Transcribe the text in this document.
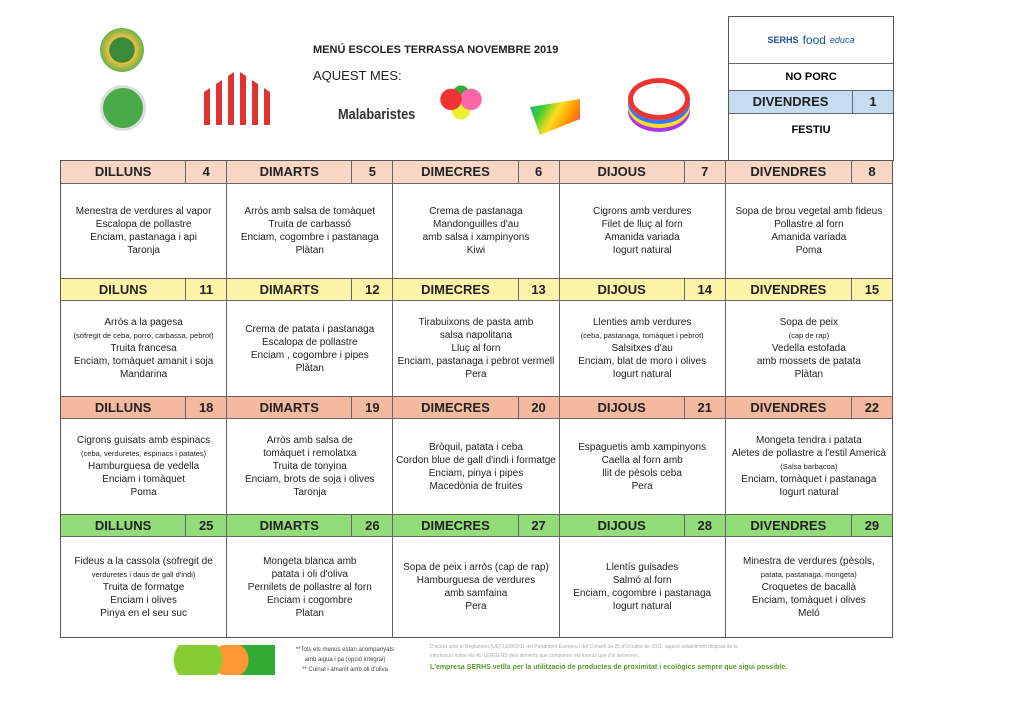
MENÚ ESCOLES TERRASSA NOVEMBRE 2019
AQUEST MES:
Malabaristes
SERHS food educa
NO PORC
DIVENDRES	1
FESTIU
DILLUNS	4
Menestra de verdures al vapor
Escalopa de pollastre
Enciam, pastanaga i api
Taronja
DIMARTS	5
Arròs amb salsa de tomàquet
Truita de carbassó
Enciam, cogombre i pastanaga
Plàtan
DIMECRES	6
Crema de pastanaga
Mandonguilles d'au
amb salsa i xampinyons
Kiwi
DIJOUS	7
Cigrons amb verdures
Filet de lluç al forn
Amanida variada
Iogurt natural
DIVENDRES	8
Sopa de brou vegetal amb fideus
Pollastre al forn
Amanida variada
Poma
DILUNS	11
Arròs a la pagesa
(sofregit de ceba, porro, carbassa, pebrot)
Truita francesa
Enciam, tomàquet amanit i soja
Mandarina
DIMARTS	12
Crema de patata i pastanaga
Escalopa de pollastre
Enciam , cogombre i pipes
Plàtan
DIMECRES	13
Tirabuixons de pasta amb
salsa napolitana
Lluç al forn
Enciam, pastanaga i pebrot vermell
Pera
DIJOUS	14
Llenties amb verdures
(ceba, pastanaga, tomàquet i pebrot)
Salsitxes d'au
Enciam, blat de moro i olives
Iogurt natural
DIVENDRES	15
Sopa de peix
(cap de rap)
Vedella estofada
amb mossets de patata
Plàtan
DILLUNS	18
Cigrons guisats amb espinacs
(ceba, verduretes, espinacs i patates)
Hamburguesa de vedella
Enciam i tomàquet
Poma
DIMARTS	19
Arròs amb salsa de
tomàquet i remolatxa
Truita de tonyina
Enciam, brots de soja i olives
Taronja
DIMECRES	20
Bròquil, patata i ceba
Cordon blue de gall d'indi i formatge
Enciam, pinya i pipes
Macedònia de fruites
DIJOUS	21
Espaguetis amb xampinyons
Caella al forn amb
llit de pèsols ceba
Pera
DIVENDRES	22
Mongeta tendra i patata
Aletes de pollastre a l'estil Americà
(Salsa barbacoa)
Enciam, tomàquet i pastanaga
Iogurt natural
DILLUNS	25
Fideus a la cassola (sofregit de
verduretes i daus de gall d'indi)
Truita de formatge
Enciam i olives
Pinya en el seu suc
DIMARTS	26
Mongeta blanca amb
patata i oli d'oliva
Pernilets de pollastre al forn
Enciam i cogombre
Platan
DIMECRES	27
Sopa de peix i arròs (cap de rap)
Hamburguesa de verdures
amb samfaina
Pera
DIJOUS	28
Llentís guisades
Salmó al forn
Enciam, cogombre i pastanaga
Iogurt natural
DIVENDRES	29
Minestra de verdures (pèsols,
patata, pastanaga, mongeta)
Croquetes de bacallà
Enciam, tomàquet i olives
Meló
**Tots els menús estan acompanyats amb aigua i pa (opció integral)
** Cuinat i amanit amb oli d'oliva
D'acord amb el Reglament (UE) 1169/2011 del Parlament Europeu i del Consell de 25 d'Octubre de 2011, aquest establiment disposa de la informació sobre els AL·LÈRGENS dels aliments que componen els menús que s'hi serveixen.
L'empresa SERHS vetlla per la utilització de productes de proximitat i ecològics sempre que sigui possible.
